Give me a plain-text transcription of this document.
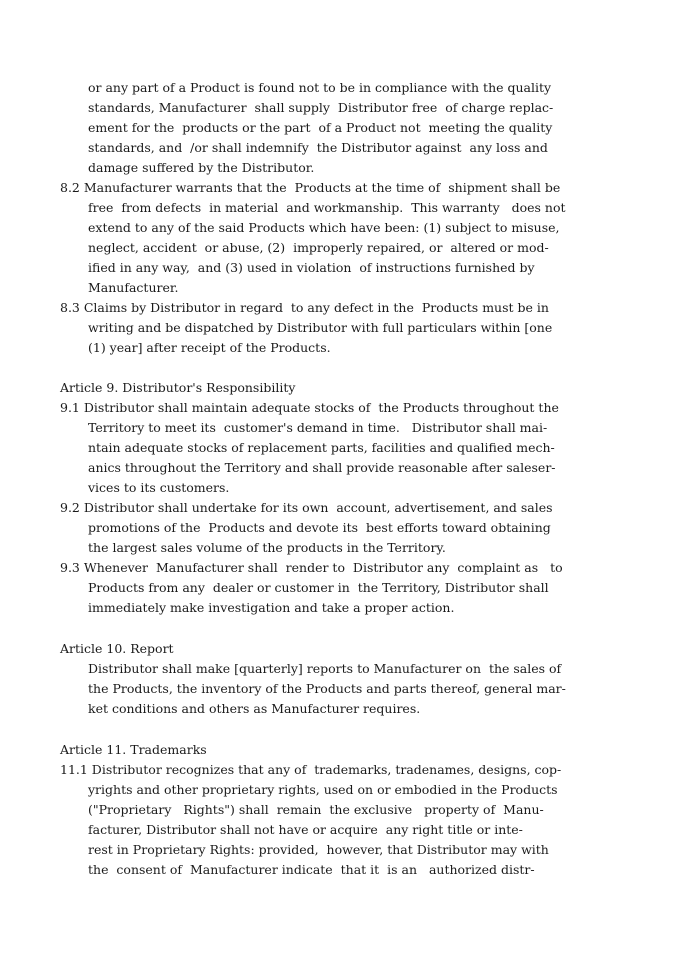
or any part of a Product is found not to be in compliance with the quality
standards, Manufacturer  shall supply  Distributor free  of charge replac-
ement for the  products or the part  of a Product not  meeting the quality
standards, and  /or shall indemnify  the Distributor against  any loss and
damage suffered by the Distributor.
8.2 Manufacturer warrants that the  Products at the time of  shipment shall be
free  from defects  in material  and workmanship.  This warranty   does not
extend to any of the said Products which have been: (1) subject to misuse,
neglect, accident  or abuse, (2)  improperly repaired, or  altered or mod-
ified in any way,  and (3) used in violation  of instructions furnished by
Manufacturer.
8.3 Claims by Distributor in regard  to any defect in the  Products must be in
writing and be dispatched by Distributor with full particulars within [one
(1) year] after receipt of the Products.
Article 9. Distributor's Responsibility
9.1 Distributor shall maintain adequate stocks of  the Products throughout the
Territory to meet its  customer's demand in time.   Distributor shall mai-
ntain adequate stocks of replacement parts, facilities and qualified mech-
anics throughout the Territory and shall provide reasonable after saleser-
vices to its customers.
9.2 Distributor shall undertake for its own  account, advertisement, and sales
promotions of the  Products and devote its  best efforts toward obtaining
the largest sales volume of the products in the Territory.
9.3 Whenever  Manufacturer shall  render to  Distributor any  complaint as   to
Products from any  dealer or customer in  the Territory, Distributor shall
immediately make investigation and take a proper action.
Article 10. Report
Distributor shall make [quarterly] reports to Manufacturer on  the sales of
the Products, the inventory of the Products and parts thereof, general mar-
ket conditions and others as Manufacturer requires.
Article 11. Trademarks
11.1 Distributor recognizes that any of  trademarks, tradenames, designs, cop-
yrights and other proprietary rights, used on or embodied in the Products
("Proprietary   Rights") shall  remain  the exclusive   property of  Manu-
facturer, Distributor shall not have or acquire  any right title or inte-
rest in Proprietary Rights: provided,  however, that Distributor may with
the  consent of  Manufacturer indicate  that it  is an   authorized distr-
